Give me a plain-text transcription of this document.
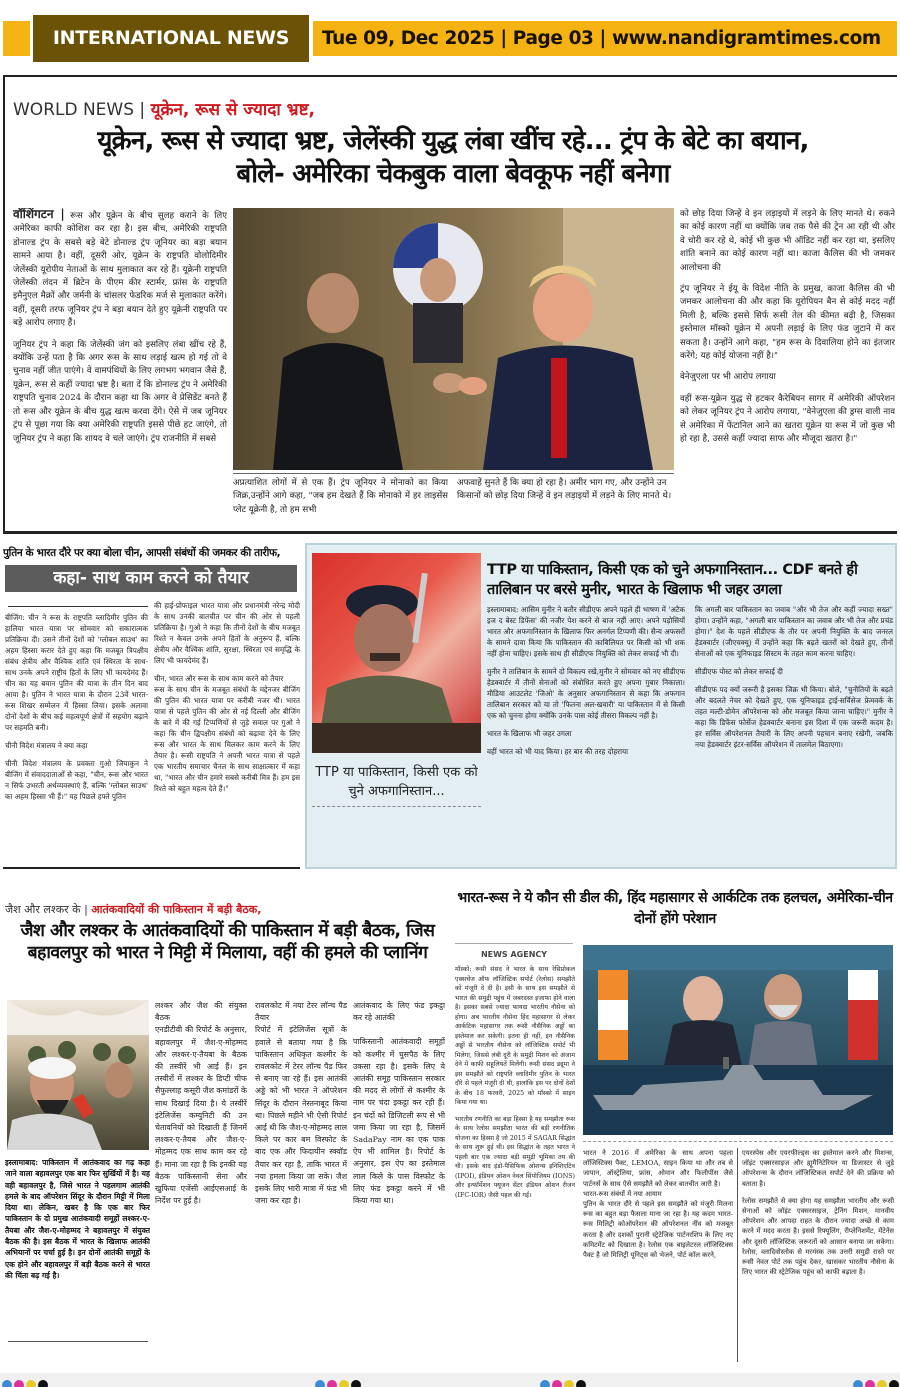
INTERNATIONAL NEWS	Tue 09, Dec 2025 | Page 03 | www.nandigramtimes.com
WORLD NEWS | यूक्रेन, रूस से ज्यादा भ्रष्ट,
यूक्रेन, रूस से ज्यादा भ्रष्ट, जेलेंस्की युद्ध लंबा खींच रहे... ट्रंप के बेटे का बयान,
बोले- अमेरिका चेकबुक वाला बेवकूफ नहीं बनेगा

वॉशिंगटन | रूस और यूक्रेन के बीच सुलह कराने के लिए अमेरिका काफी कोशिश कर रहा है। इस बीच, अमेरिकी राष्ट्रपति डोनाल्ड ट्रंप के सबसे बड़े बेटे डोनाल्ड ट्रंप जूनियर का बड़ा बयान सामने आया है। वहीं, दूसरी ओर, यूक्रेन के राष्ट्रपति वोलोदिमीर जेलेंस्की यूरोपीय नेताओं के साथ मुलाकात कर रहे हैं। यूक्रेनी राष्ट्रपति जेलेंस्की लंदन में ब्रिटेन के पीएम कीर स्टार्मर, फ्रांस के राष्ट्रपति इमैनुएल मैक्रों और जर्मनी के चांसलर फेडरिक मर्ज से मुलाकात करेंगे। वहीं, दूसरी तरफ जूनियर ट्रंप ने बड़ा बयान देते हुए यूक्रेनी राष्ट्रपति पर बड़े आरोप लगाए हैं।

जूनियर ट्रंप ने कहा कि जेलेंस्की जंग को इसलिए लंबा खींच रहे हैं, क्योंकि उन्हें पता है कि अगर रूस के साथ लड़ाई खत्म हो गई तो वे चुनाव नहीं जीत पाएंगे। वे वामपंथियों के लिए लगभग भगवान जैसे हैं, यूक्रेन, रूस से कहीं ज्यादा भ्रष्ट है। बता दें कि डोनाल्ड ट्रंप ने अमेरिकी राष्ट्रपति चुनाव 2024 के दौरान कहा था कि अगर वे प्रेसिडेंट बनते हैं तो रूस और यूक्रेन के बीच युद्ध खत्म करवा देंगे। ऐसे में जब जूनियर ट्रंप से पूछा गया कि क्या अमेरिकी राष्ट्रपति इससे पीछे हट जाएंगे, तो जूनियर ट्रंप ने कहा कि शायद वे चले जाएंगे। ट्रंप राजनीति में सबसे

अप्रत्याशित लोगों में से एक हैं। ट्रंप जूनियर ने मोनाको का किया जिक्र,उन्होंने आगे कहा, "जब हम देखते हैं कि मोनाको में हर लाइसेंस प्लेट यूक्रेनी है, तो हम सभी
अफवाहें सुनते हैं कि क्या हो रहा है। अमीर भाग गए, और उन्होंने उन किसानों को छोड़ दिया जिन्हें वे इन लड़ाइयों में लड़ने के लिए मानते थे।

को छोड़ दिया जिन्हें वे इन लड़ाइयों में लड़ने के लिए मानते थे। रुकने का कोई कारण नहीं था क्योंकि जब तक पैसे की ट्रेन आ रही थी और वे चोरी कर रहे थे, कोई भी कुछ भी ऑडिट नहीं कर रहा था, इसलिए शांति बनाने का कोई कारण नहीं था। काजा कैलिस की भी जमकर आलोचना की

ट्रंप जूनियर ने ईयू के विदेश नीति के प्रमुख, काजा कैलिस की भी जमकर आलोचना की और कहा कि यूरोपियन बैन से कोई मदद नहीं मिली है, बल्कि इससे सिर्फ रूसी तेल की कीमत बढ़ी है, जिसका इस्तेमाल मॉस्को यूक्रेन में अपनी लड़ाई के लिए फंड जुटाने में कर सकता है। उन्होंने आगे कहा, "हम रूस के दिवालिया होने का इंतजार करेंगे; यह कोई योजना नहीं है।"

वेनेजुएला पर भी आरोप लगाया

वहीं रूस-यूक्रेन युद्ध से हटकर कैरेबियन सागर में अमेरिकी ऑपरेशन को लेकर जूनियर ट्रंप ने आरोप लगाया, "वेनेजुएला की ड्रग्स वाली नाव से अमेरिका में फेंटानिल आने का खतरा यूक्रेन या रूस में जो कुछ भी हो रहा है, उससे कहीं ज्यादा साफ और मौजूदा खतरा है।"

पुतिन के भारत दौरे पर क्या बोला चीन, आपसी संबंधों की जमकर की तारीफ,
कहा- साथ काम करने को तैयार

बीजिंग: चीन ने रूस के राष्ट्रपति व्लादिमीर पुतिन की हालिया भारत यात्रा पर सोमवार को सकारात्मक प्रतिक्रिया दी। उसने तीनों देशों को 'ग्लोबल साउथ' का अहम हिस्सा करार देते हुए कहा कि मजबूत त्रिपक्षीय संबंध क्षेत्रीय और वैश्विक शांति एवं स्थिरता के साथ-साथ उनके अपने राष्ट्रीय हितों के लिए भी फायदेमंद हैं। चीन का यह बयान पुतिन की यात्रा के तीन दिन बाद आया है। पुतिन ने भारत यात्रा के दौरान 23वें भारत-रूस शिखर सम्मेलन में हिस्सा लिया। इसके अलावा दोनों देशों के बीच कई महत्वपूर्ण क्षेत्रों में सहयोग बढ़ाने पर सहमति बनी।

चीनी विदेश मंत्रालय ने क्या कहा

चीनी विदेश मंत्रालय के प्रवक्ता गुओ जियाकुन ने बीजिंग में संवाददाताओं से कहा, "चीन, रूस और भारत न सिर्फ उभरती अर्थव्यवस्थाएं हैं, बल्कि 'ग्लोबल साउथ' का अहम हिस्सा भी हैं।" यह पिछले हफ्ते पुतिन

की हाई-प्रोफाइल भारत यात्रा और प्रधानमंत्री नरेन्द्र मोदी के साथ उनकी बातचीत पर चीन की ओर से पहली प्रतिक्रिया है। गुओ ने कहा कि तीनों देशों के बीच मजबूत रिश्ते न केवल उनके अपने हितों के अनुरूप हैं, बल्कि क्षेत्रीय और वैश्विक शांति, सुरक्षा, स्थिरता एवं समृद्धि के लिए भी फायदेमंद हैं।

चीन, भारत और रूस के साथ काम करने को तैयार

रूस के साथ चीन के मजबूत संबंधों के मद्देनजर बीजिंग की पुतिन की भारत यात्रा पर करीबी नजर थी। भारत यात्रा से पहले पुतिन की ओर से नई दिल्ली और बीजिंग के बारे में की गई टिप्पणियों से जुड़े सवाल पर गुओ ने कहा कि चीन द्विपक्षीय संबंधों को बढ़ावा देने के लिए रूस और भारत के साथ मिलकर काम करने के लिए तैयार है। रूसी राष्ट्रपति ने अपनी भारत यात्रा से पहले एक भारतीय समाचार चैनल के साथ साक्षात्कार में कहा था, "भारत और चीन हमारे सबसे करीबी मित्र हैं। हम इस रिश्ते को बहुत महत्व देते हैं।"

TTP या पाकिस्तान, किसी एक को चुने अफगानिस्तान...
TTP या पाकिस्तान, किसी एक को चुने अफगानिस्तान... CDF बनते ही तालिबान पर बरसे मुनीर, भारत के खिलाफ भी जहर उगला

इस्लामाबाद: आसिम मुनीर ने बतौर सीडीएफ अपने पहले ही भाषण में 'अटैक इज द बेस्ट डिफेंस' की नजीर पेश करने से बाज नहीं आए। अपने पड़ोसियों भारत और अफगानिस्तान के खिलाफ फिर अनर्गल टिप्पणी की। सैन्य अफसरों के सामने दावा किया कि पाकिस्तान की काबिलियत पर किसी को भी शक नहीं होना चाहिए। इसके साथ ही सीडीएफ नियुक्ति को लेकर सफाई भी दी।

मुनीर ने तालिबान के सामने दो विकल्प रखे,मुनीर ने सोमवार को नए सीडीएफ हेडक्वार्टर में तीनों सेनाओं को संबोधित करते हुए अपना गुबार निकाला। मीडिया आउटलेट 'जिओ' के अनुसार अफगानिस्तान से कहा कि अफगान तालिबान सरकार को या तो 'फितना अल-खवारी' या पाकिस्तान में से किसी एक को चुनना होगा क्योंकि उनके पास कोई तीसरा विकल्प नहीं है।

भारत के खिलाफ भी जहर उगला

वहीं भारत को भी याद किया। हर बार की तरह दोहराया

कि अगली बार पाकिस्तान का जवाब "और भी तेज और कहीं ज्यादा सख्त" होगा। उन्होंने कहा, "अगली बार पाकिस्तान का जवाब और भी तेज और प्रचंड होगा।" देश के पहले सीडीएफ के तौर पर अपनी नियुक्ति के बाद जनरल हेडक्वार्टर (जीएचक्यू) में उन्होंने कहा कि बढ़ते खतरों को देखते हुए, तीनों सेनाओं को एक यूनिफाइड सिस्टम के तहत काम करना चाहिए।

सीडीएफ पोस्ट को लेकर सफाई दी

सीडीएफ पद क्यों जरूरी है इसका जिक्र भी किया। बोले, "चुनौतियों के बढ़ते और बदलते नेचर को देखते हुए, एक यूनिफाइड ट्राई-सर्विसेज फ्रेमवर्क के तहत मल्टी-डोमेन ऑपरेशन्स को और मजबूत किया जाना चाहिए।" मुनीर ने कहा कि डिफेंस फोर्सेज हेडक्वार्टर बनाना इस दिशा में एक जरूरी कदम है। हर सर्विस ऑपरेशनल तैयारी के लिए अपनी पहचान बनाए रखेगी, जबकि नया हेडक्वार्टर इंटर-सर्विस ऑपरेशन में तालमेल बिठाएगा।

जैश और लश्कर के | आतंकवादियों की पाकिस्तान में बड़ी बैठक,
जैश और लश्कर के आतंकवादियों की पाकिस्तान में बड़ी बैठक, जिस बहावलपुर को भारत ने मिट्टी में मिलाया, वहीं की हमले की प्लानिंग
इस्लामाबाद: पाकिस्तान में आतंकवाद का गढ़ कहा जाने वाला बहावलपुर एक बार फिर सुर्खियों में है। यह वही बहावलपुर है, जिसे भारत ने पहलगाम आतंकी हमले के बाद ऑपरेशन सिंदूर के दौरान मिट्टी में मिला दिया था। लेकिन, खबर है कि एक बार फिर पाकिस्तान के दो प्रमुख आतंकवादी समूहों लश्कर-ए-तैयबा और जैश-ए-मोहम्मद ने बहावलपुर में संयुक्त बैठक की है। इस बैठक में भारत के खिलाफ आतंकी अभियानों पर चर्चा हुई है। इन दोनों आतंकी समूहों के एक होने और बहावलपुर में बड़ी बैठक करने से भारत की चिंता बढ़ गई है।

लश्कर और जैश की संयुक्त बैठक

एनडीटीवी की रिपोर्ट के अनुसार, बहावलपुर में जैश-ए-मोहम्मद और लश्कर-ए-तैयबा के बैठक की तस्वीरें भी आई हैं। इन तस्वीरों में लश्कर के डिप्टी चीफ सैफुल्लाह कसूरी जैश कमांडरों के साथ दिखाई दिया है। ये तस्वीरें इंटेलिजेंस कम्युनिटी की उन चेतावनियों को दिखाती हैं जिनमें लश्कर-ए-तैयब और जैश-ए-मोहम्मद एक साथ काम कर रहे हैं। माना जा रहा है कि इनकी यह बैठक पाकिस्तानी सेना और खुफिया एजेंसी आईएसआई के निर्देश पर हुई है।

रावलकोट में नया टेरर लॉन्च पैड तैयार

रिपोर्ट में इंटेलिजेंस सूत्रों के हवाले से बताया गया है कि पाकिस्तान अधिकृत कश्मीर के रावलकोट में टेरर लॉन्च पैड फिर से बनाए जा रहे हैं। इस आतंकी अड्डे को भी भारत ने ऑपरेशन सिंदूर के दौरान नेस्तनाबूद किया था। पिछले महीने भी ऐसी रिपोर्ट आई थी कि जैश-ए-मोहम्मद लाल किले पर कार बम विस्फोट के बाद एक और फिदायीन स्क्वॉड तैयार कर रहा है, ताकि भारत में नया हमला किया जा सके। जैश इसके लिए भारी मात्रा में फंड भी जमा कर रहा है।

आतंकवाद के लिए फंड इकट्ठा कर रहे आतंकी

पाकिस्तानी आतंकवादी समूहों को कश्मीर में घुसपैठ के लिए उकसा रहा है। इसके लिए ये आतंकी समूह पाकिस्तान सरकार की मदद से लोगों से कश्मीर के नाम पर चंदा इकट्ठा कर रही हैं। इन चंदों को डिजिटली रूप से भी जमा किया जा रहा है, जिसमें SadaPay नाम का एक पाक ऐप भी शामिल है। रिपोर्ट के अनुसार, इस ऐप का इस्तेमाल लाल किले के पास विस्फोट के लिए फंड इकट्ठा करने में भी किया गया था।

भारत-रूस ने ये कौन सी डील की, हिंद महासागर से आर्कटिक तक हलचल, अमेरिका-चीन दोनों होंगे परेशान
NEWS AGENCY

मॉस्को: रूसी संसद ने भारत के साथ रेसिप्रोकल एक्सचेंज ऑफ लॉजिस्टिक सपोर्ट (रेलोस) समझौते को मंजूरी दे दी है। इसी के साथ इस समझौते से भारत की समुद्री पहुंच में जबरदस्त इजाफा होने वाला है। इसका सबसे ज्यादा फायदा भारतीय नौसेना को होगा। अब भारतीय नौसेना हिंद महासागर से लेकर आर्कटिक महासागर तक रूसी नौसैनिक अड्डों का इस्तेमाल कर सकेगी। इतना ही नहीं, इन नौसैनिक अड्डों से भारतीय नौसेना को लॉजिस्टिक सपोर्ट भी मिलेगा, जिससे लंबी दूरी के समुद्री मिशन को अंजाम देने में काफी सहूलियतें मिलेंगी। रूसी संसद ड्यूमा ने इस समझौते को राष्ट्रपति व्लादिमीर पुतिन के भारत दौरे से पहले मंजूरी दी थी, हालांकि इस पर दोनों देशों के बीच 18 फरवरी, 2025 को मॉस्को में साइन किया गया था।

भारतीय रणनीति का बड़ा हिस्सा है यह समझौता रूस के साथ रेलोस समझौता भारत की बड़ी रणनीतिक योजना का हिस्सा है जो 2015 में SAGAR सिद्धांत के साथ शुरू हुई थी। इस सिद्धांत के तहत भारत ने पहली बार एक ज्यादा बड़ी समुद्री भूमिका तय की थी। इसके बाद इंडो-पैसिफिक ओशन्स इनिशिएटिव (IPOI), इंडियन ओशन नेवल सिंपोजियम (IONS) और इन्फॉर्मेशन फ्यूजन सेंटर इंडियन ओशन रीजन (IFC-IOR) जैसी पहल की गईं।

भारत ने 2016 में अमेरिका के साथ अपना पहला लॉजिस्टिक्स पैक्ट, LEMOA, साइन किया था और तब से जापान, ऑस्ट्रेलिया, फ्रांस, ओमान और फिलीपींस जैसे पार्टनर्स के साथ ऐसे समझौते को लेकर बातचीत जारी है।

भारत-रूस संबंधों में नया आयाम

पुतिन के भारत दौरे से पहले इस समझौते को मंजूरी मिलना रूस का बहुत बड़ा फैसला माना जा रहा है। यह कदम भारत-रूस मिलिट्री कोऑपरेशन की ऑपरेशनल नींव को मजबूत करता है और दशकों पुरानी स्ट्रेटेजिक पार्टनरशिप के लिए नए कमिटमेंट को दिखाता है। रेलोस एक बाइलेटरल लॉजिस्टिक्स पैक्ट है जो मिलिट्री यूनिट्स को भेजने, पोर्ट कॉल करने,

एयरस्पेस और एयरफील्ड्स का इस्तेमाल करने और मिशन्स, जॉइंट एक्सरसाइज और ह्यूमैनिटेरियन या डिजास्टर से जुड़े ऑपरेशन्स के दौरान लॉजिस्टिकल सपोर्ट देने की प्रक्रिया को बताता है।

रेलोस समझौते से क्या होगा यह समझौता भारतीय और रूसी सेनाओं को जॉइंट एक्सरसाइज, ट्रेनिंग मिशन, मानवीय ऑपरेशन और आपदा राहत के दौरान ज्यादा अच्छे से काम करने में मदद करता है। इससे रिफ्यूलिंग, रीप्लेनिशमेंट, मेंटेनेंस और दूसरी लॉजिस्टिक जरूरतों को आसान बनाया जा सकेगा। रेलोस, व्लादिवोस्तोक से मरमंस्क तक उत्तरी समुद्री रास्ते पर रूसी नेवल पोर्ट तक पहुंच देकर, खासकर भारतीय नौसेना के लिए भारत की स्ट्रेटेजिक पहुंच को काफी बढ़ाता है।
